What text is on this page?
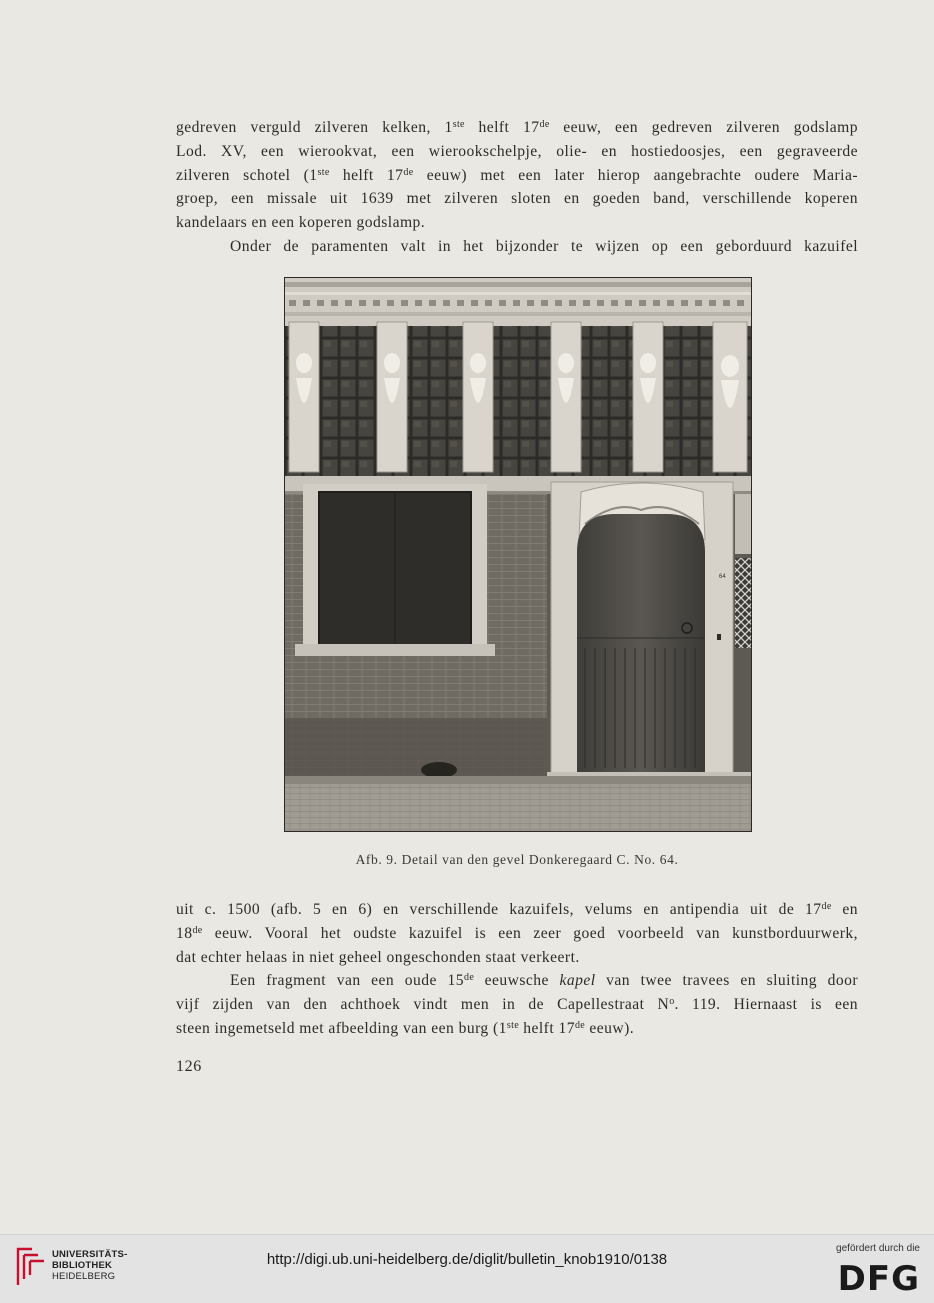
gedreven verguld zilveren kelken, 1ste helft 17de eeuw, een gedreven zilveren godslamp
Lod. XV, een wierookvat, een wierookschelpje, olie- en hostiedoosjes, een gegraveerde
zilveren schotel (1ste helft 17de eeuw) met een later hierop aangebrachte oudere Maria-
groep, een missale uit 1639 met zilveren sloten en goeden band, verschillende koperen
kandelaars en een koperen godslamp.
Onder de paramenten valt in het bijzonder te wijzen op een geborduurd kazuifel
64
Afb. 9. Detail van den gevel Donkeregaard C. No. 64.
uit c. 1500 (afb. 5 en 6) en verschillende kazuifels, velums en antipendia uit de 17de en
18de eeuw. Vooral het oudste kazuifel is een zeer goed voorbeeld van kunstborduurwerk,
dat echter helaas in niet geheel ongeschonden staat verkeert.
Een fragment van een oude 15de eeuwsche kapel van twee travees en sluiting door
vijf zijden van den achthoek vindt men in de Capellestraat $N^o$. 119. Hiernaast is een
steen ingemetseld met afbeelding van een burg (1ste helft 17de eeuw).
126
UNIVERSITÄTS-
BIBLIOTHEK
HEIDELBERG
http://digi.ub.uni-heidelberg.de/diglit/bulletin_knob1910/0138
gefördert durch die
DFG
